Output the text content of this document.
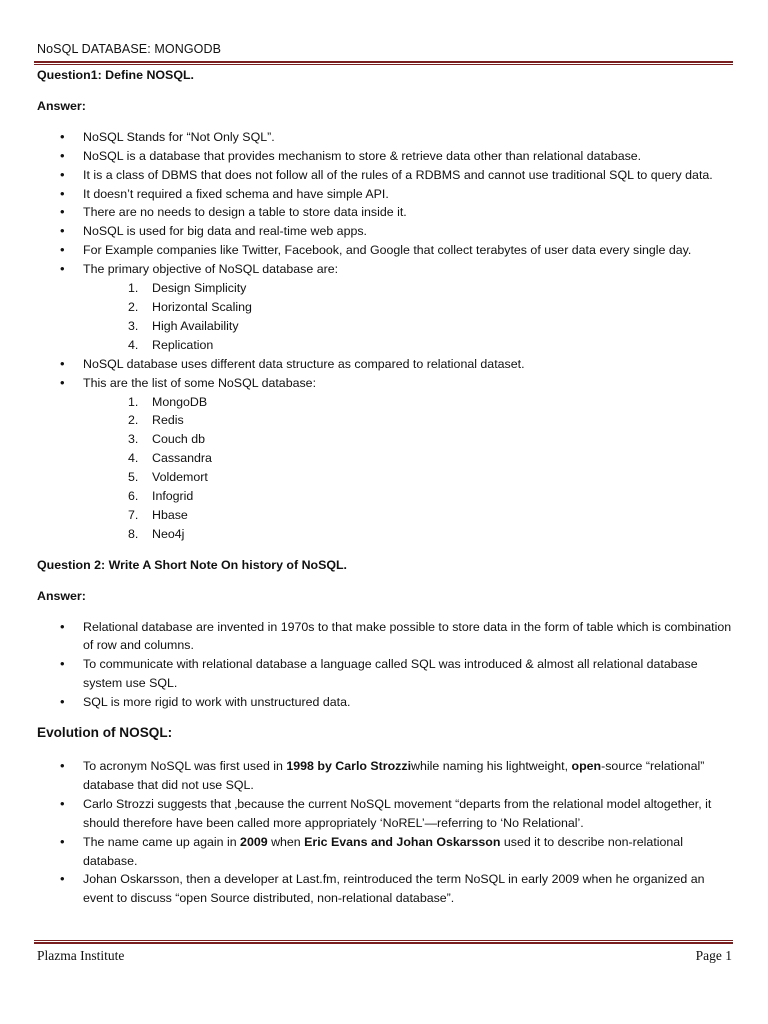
NoSQL DATABASE: MONGODB

Question1: Define NOSQL.

Answer:

• NoSQL Stands for “Not Only SQL”.
• NoSQL is a database that provides mechanism to store & retrieve data other than relational database.
• It is a class of DBMS that does not follow all of the rules of a RDBMS and cannot use traditional SQL to query data.
• It doesn’t required a fixed schema and have simple API.
• There are no needs to design a table to store data inside it.
• NoSQL is used for big data and real-time web apps.
• For Example companies like Twitter, Facebook, and Google that collect terabytes of user data every single day.
• The primary objective of NoSQL database are:
1. Design Simplicity
2. Horizontal Scaling
3. High Availability
4. Replication
• NoSQL database uses different data structure as compared to relational dataset.
• This are the list of some NoSQL database:
1. MongoDB
2. Redis
3. Couch db
4. Cassandra
5. Voldemort
6. Infogrid
7. Hbase
8. Neo4j

Question 2: Write A Short Note On history of NoSQL.

Answer:

• Relational database are invented in 1970s to that make possible to store data in the form of table which is combination of row and columns.
• To communicate with relational database a language called SQL was introduced & almost all relational database system use SQL.
• SQL is more rigid to work with unstructured data.

Evolution of NOSQL:

• To acronym NoSQL was first used in 1998 by Carlo Strozziwhile naming his lightweight, open-source “relational” database that did not use SQL.
• Carlo Strozzi suggests that ‚because the current NoSQL movement “departs from the relational model altogether, it should therefore have been called more appropriately ‘NoREL’—referring to ‘No Relational’.
• The name came up again in 2009 when Eric Evans and Johan Oskarsson used it to describe non-relational database.
• Johan Oskarsson, then a developer at Last.fm, reintroduced the term NoSQL in early 2009 when he organized an event to discuss “open Source distributed, non-relational database”.
Plazma Institute	Page 1
